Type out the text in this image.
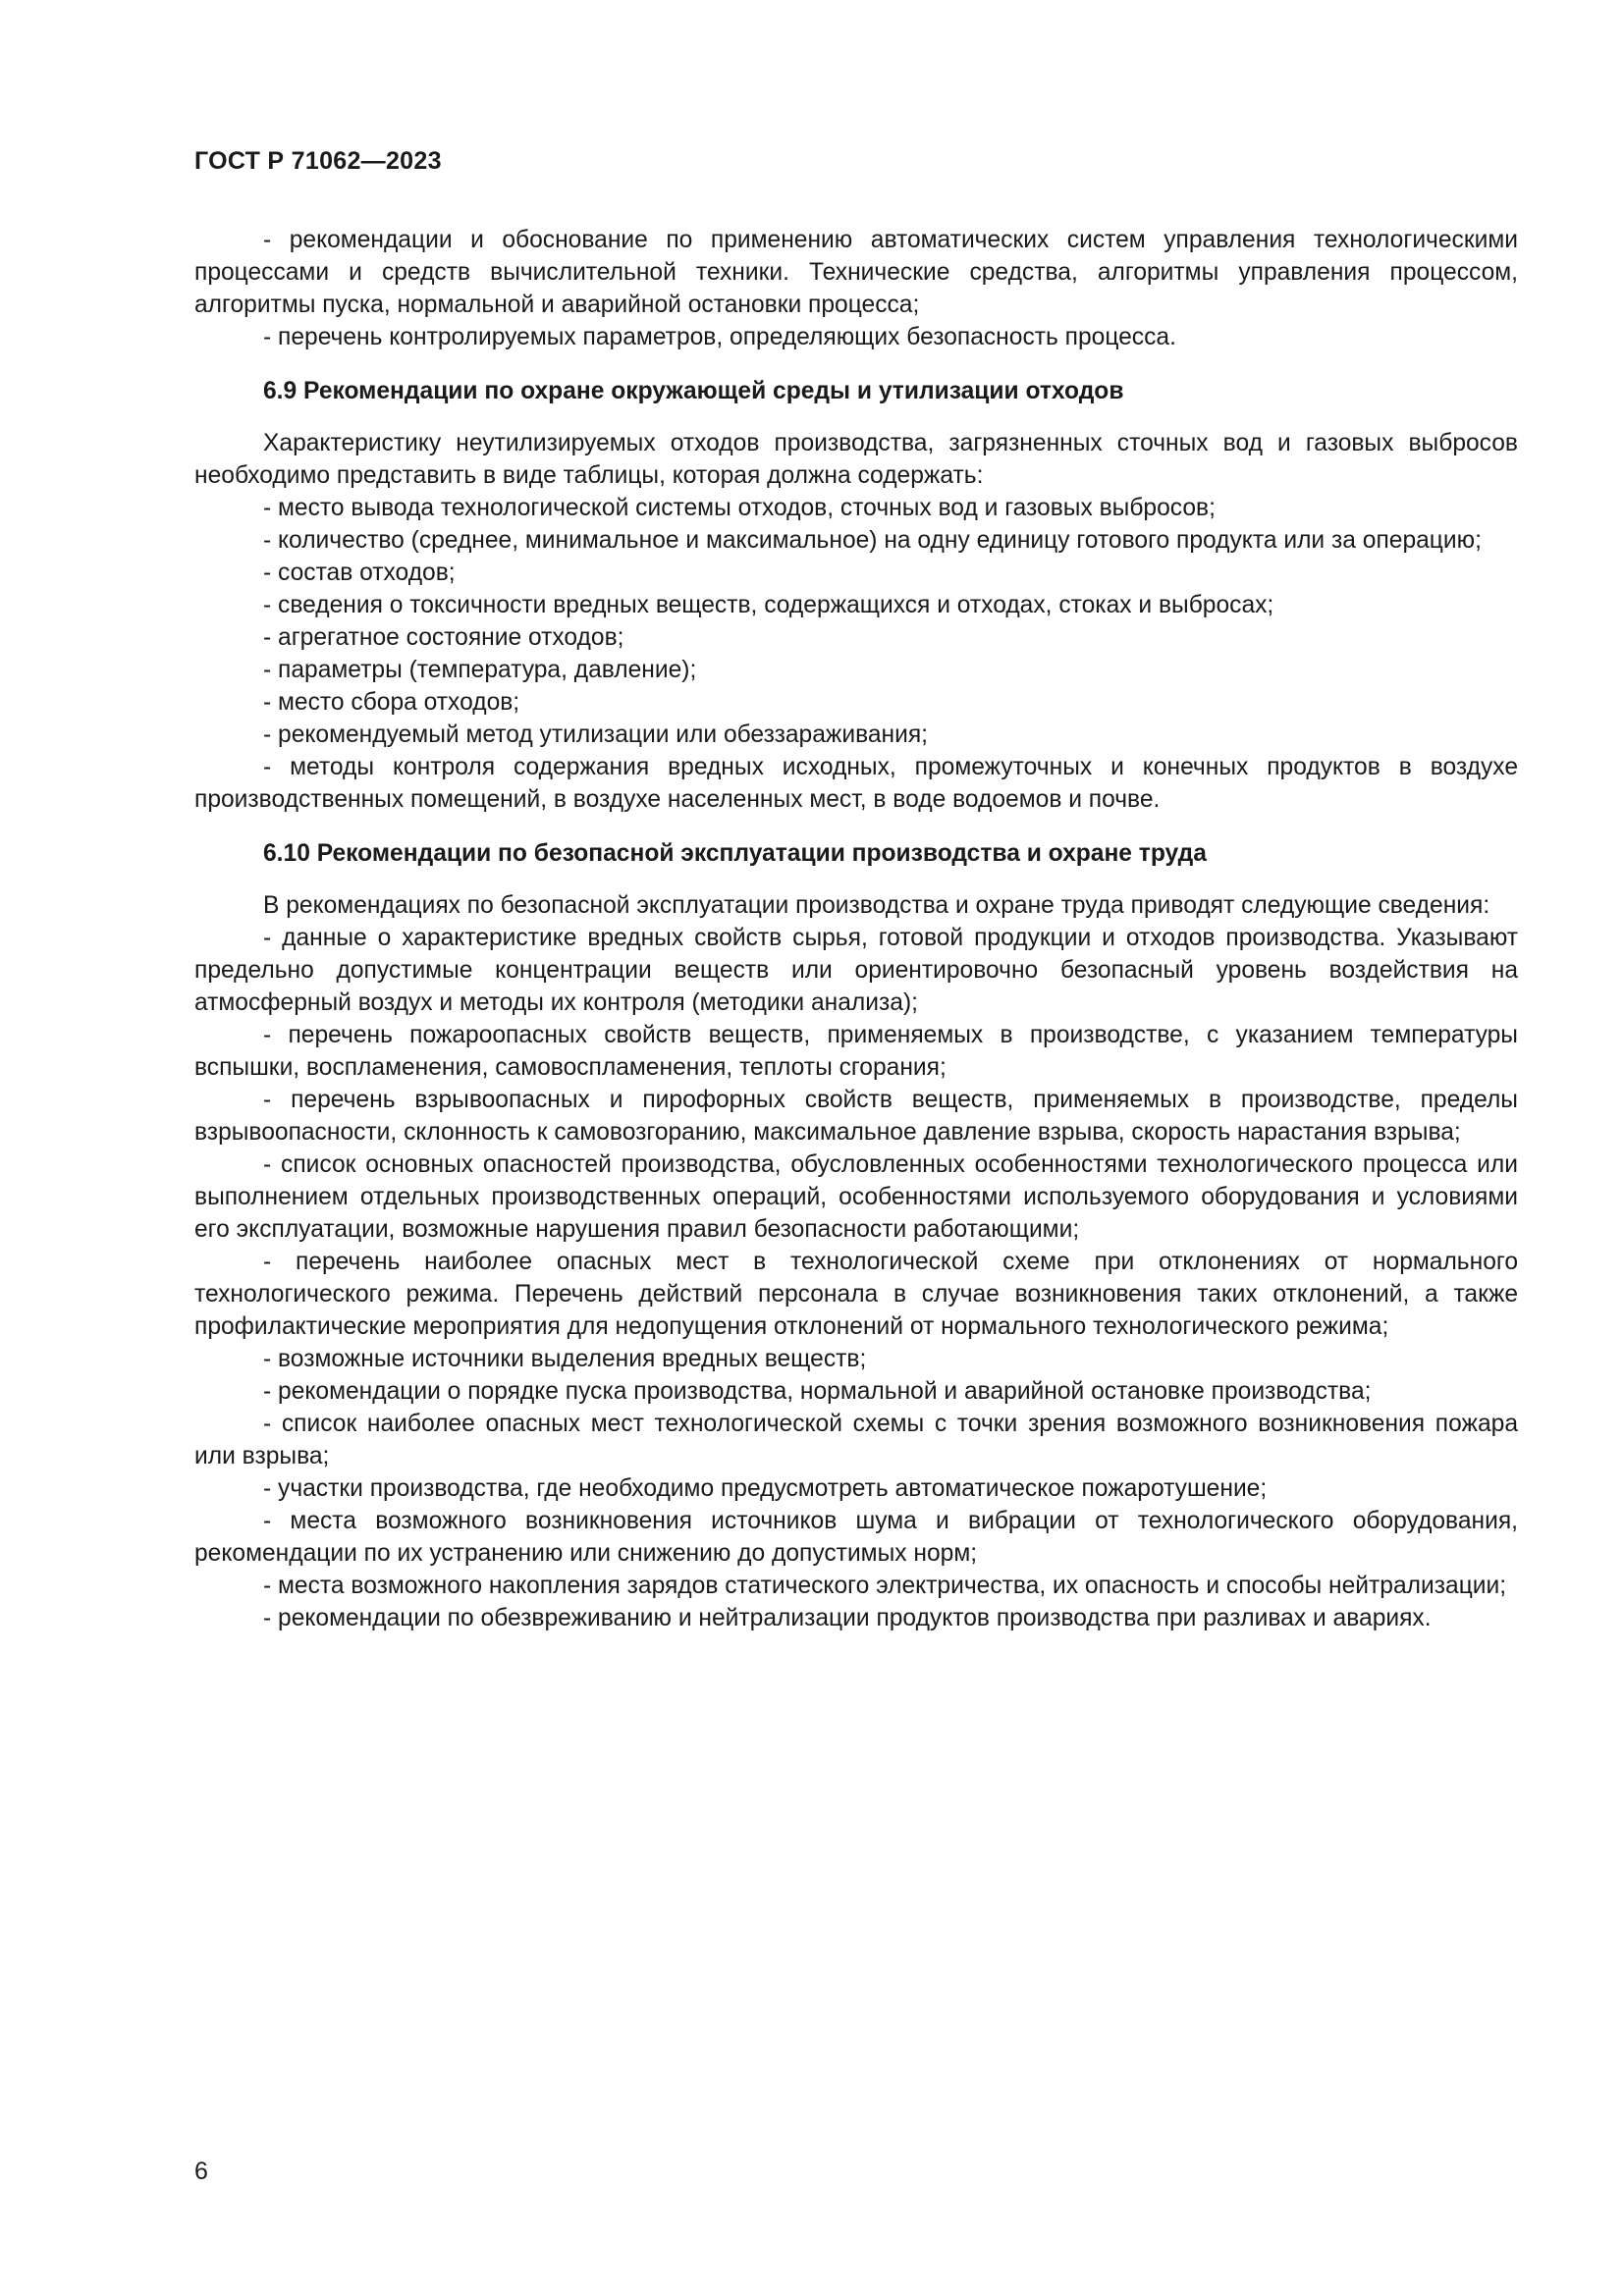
ГОСТ Р 71062—2023

- рекомендации и обоснование по применению автоматических систем управления технологическими процессами и средств вычислительной техники. Технические средства, алгоритмы управления процессом, алгоритмы пуска, нормальной и аварийной остановки процесса;

- перечень контролируемых параметров, определяющих безопасность процесса.

6.9 Рекомендации по охране окружающей среды и утилизации отходов

Характеристику неутилизируемых отходов производства, загрязненных сточных вод и газовых выбросов необходимо представить в виде таблицы, которая должна содержать:

- место вывода технологической системы отходов, сточных вод и газовых выбросов;

- количество (среднее, минимальное и максимальное) на одну единицу готового продукта или за операцию;

- состав отходов;

- сведения о токсичности вредных веществ, содержащихся и отходах, стоках и выбросах;

- агрегатное состояние отходов;

- параметры (температура, давление);

- место сбора отходов;

- рекомендуемый метод утилизации или обеззараживания;

- методы контроля содержания вредных исходных, промежуточных и конечных продуктов в воздухе производственных помещений, в воздухе населенных мест, в воде водоемов и почве.

6.10 Рекомендации по безопасной эксплуатации производства и охране труда

В рекомендациях по безопасной эксплуатации производства и охране труда приводят следующие сведения:

- данные о характеристике вредных свойств сырья, готовой продукции и отходов производства. Указывают предельно допустимые концентрации веществ или ориентировочно безопасный уровень воздействия на атмосферный воздух и методы их контроля (методики анализа);

- перечень пожароопасных свойств веществ, применяемых в производстве, с указанием температуры вспышки, воспламенения, самовоспламенения, теплоты сгорания;

- перечень взрывоопасных и пирофорных свойств веществ, применяемых в производстве, пределы взрывоопасности, склонность к самовозгоранию, максимальное давление взрыва, скорость нарастания взрыва;

- список основных опасностей производства, обусловленных особенностями технологического процесса или выполнением отдельных производственных операций, особенностями используемого оборудования и условиями его эксплуатации, возможные нарушения правил безопасности работающими;

- перечень наиболее опасных мест в технологической схеме при отклонениях от нормального технологического режима. Перечень действий персонала в случае возникновения таких отклонений, а также профилактические мероприятия для недопущения отклонений от нормального технологического режима;

- возможные источники выделения вредных веществ;

- рекомендации о порядке пуска производства, нормальной и аварийной остановке производства;

- список наиболее опасных мест технологической схемы с точки зрения возможного возникновения пожара или взрыва;

- участки производства, где необходимо предусмотреть автоматическое пожаротушение;

- места возможного возникновения источников шума и вибрации от технологического оборудования, рекомендации по их устранению или снижению до допустимых норм;

- места возможного накопления зарядов статического электричества, их опасность и способы нейтрализации;

- рекомендации по обезвреживанию и нейтрализации продуктов производства при разливах и авариях.

6
